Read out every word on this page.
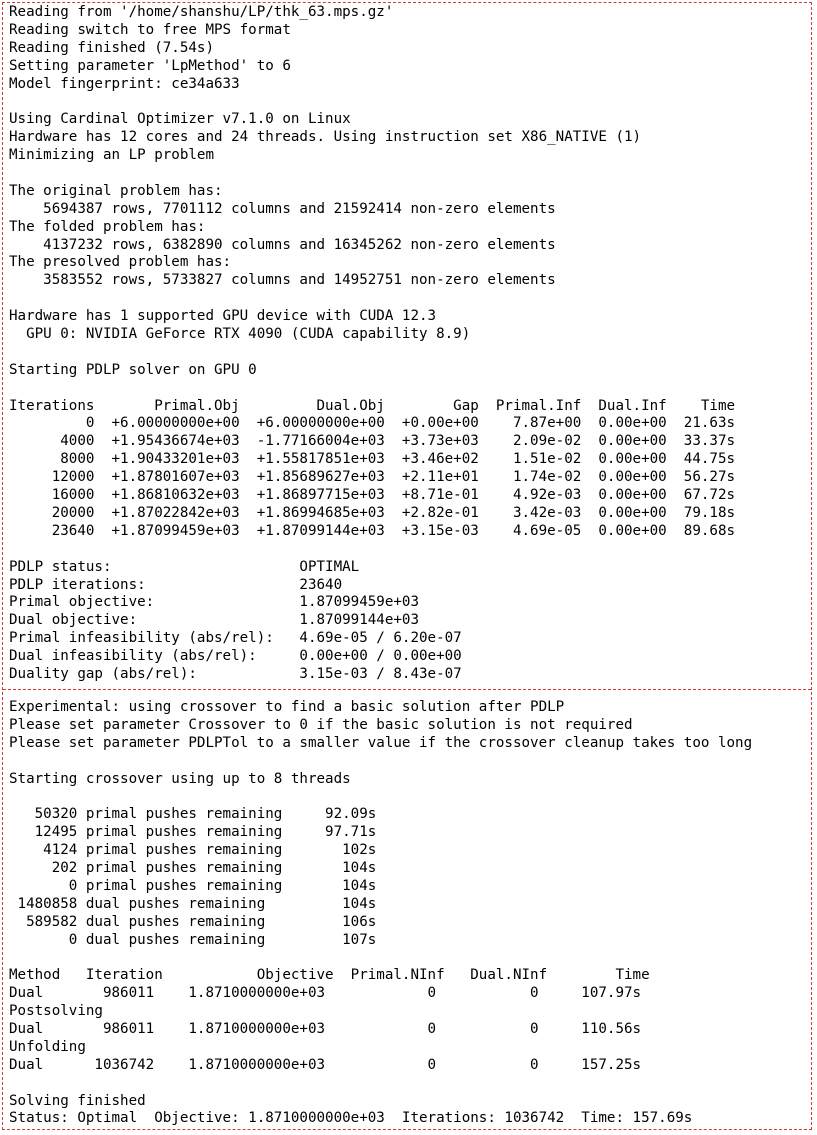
Reading from '/home/shanshu/LP/thk_63.mps.gz'
Reading switch to free MPS format
Reading finished (7.54s)
Setting parameter 'LpMethod' to 6
Model fingerprint: ce34a633
Using Cardinal Optimizer v7.1.0 on Linux
Hardware has 12 cores and 24 threads. Using instruction set X86_NATIVE (1)
Minimizing an LP problem
The original problem has:
5694387 rows, 7701112 columns and 21592414 non-zero elements
The folded problem has:
4137232 rows, 6382890 columns and 16345262 non-zero elements
The presolved problem has:
3583552 rows, 5733827 columns and 14952751 non-zero elements
Hardware has 1 supported GPU device with CUDA 12.3
GPU 0: NVIDIA GeForce RTX 4090 (CUDA capability 8.9)
Starting PDLP solver on GPU 0
Iterations       Primal.Obj         Dual.Obj        Gap  Primal.Inf  Dual.Inf    Time
0  +6.00000000e+00  +6.00000000e+00  +0.00e+00    7.87e+00  0.00e+00  21.63s
4000  +1.95436674e+03  -1.77166004e+03  +3.73e+03    2.09e-02  0.00e+00  33.37s
8000  +1.90433201e+03  +1.55817851e+03  +3.46e+02    1.51e-02  0.00e+00  44.75s
12000  +1.87801607e+03  +1.85689627e+03  +2.11e+01    1.74e-02  0.00e+00  56.27s
16000  +1.86810632e+03  +1.86897715e+03  +8.71e-01    4.92e-03  0.00e+00  67.72s
20000  +1.87022842e+03  +1.86994685e+03  +2.82e-01    3.42e-03  0.00e+00  79.18s
23640  +1.87099459e+03  +1.87099144e+03  +3.15e-03    4.69e-05  0.00e+00  89.68s
PDLP status:                      OPTIMAL
PDLP iterations:                  23640
Primal objective:                 1.87099459e+03
Dual objective:                   1.87099144e+03
Primal infeasibility (abs/rel):   4.69e-05 / 6.20e-07
Dual infeasibility (abs/rel):     0.00e+00 / 0.00e+00
Duality gap (abs/rel):            3.15e-03 / 8.43e-07
Experimental: using crossover to find a basic solution after PDLP
Please set parameter Crossover to 0 if the basic solution is not required
Please set parameter PDLPTol to a smaller value if the crossover cleanup takes too long
Starting crossover using up to 8 threads
50320 primal pushes remaining     92.09s
12495 primal pushes remaining     97.71s
4124 primal pushes remaining       102s
202 primal pushes remaining       104s
0 primal pushes remaining       104s
1480858 dual pushes remaining         104s
589582 dual pushes remaining         106s
0 dual pushes remaining         107s
Method   Iteration           Objective  Primal.NInf   Dual.NInf        Time
Dual       986011    1.8710000000e+03            0           0     107.97s
Postsolving
Dual       986011    1.8710000000e+03            0           0     110.56s
Unfolding
Dual      1036742    1.8710000000e+03            0           0     157.25s
Solving finished
Status: Optimal  Objective: 1.8710000000e+03  Iterations: 1036742  Time: 157.69s
